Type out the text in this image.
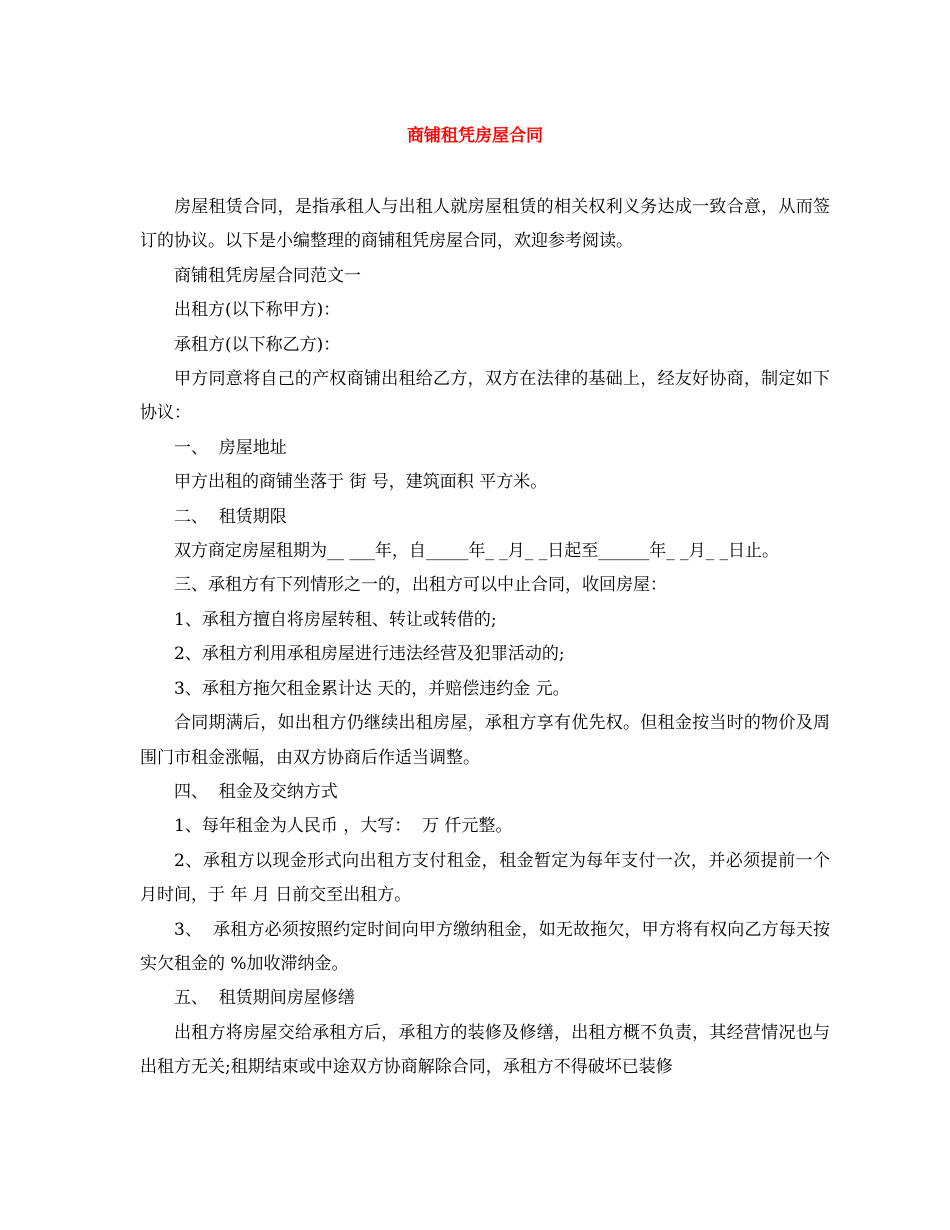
商铺租凭房屋合同

房屋租赁合同，是指承租人与出租人就房屋租赁的相关权利义务达成一致合意，从而签订的协议。以下是小编整理的商铺租凭房屋合同，欢迎参考阅读。

商铺租凭房屋合同范文一

出租方(以下称甲方)：

承租方(以下称乙方)：

甲方同意将自己的产权商铺出租给乙方，双方在法律的基础上，经友好协商，制定如下协议：

一、  房屋地址

甲方出租的商铺坐落于 街 号，建筑面积 平方米。

二、  租赁期限

双方商定房屋租期为__ ___年，自_____年_ _月_ _日起至______年_ _月_ _日止。

三、承租方有下列情形之一的，出租方可以中止合同，收回房屋：

1、承租方擅自将房屋转租、转让或转借的;

2、承租方利用承租房屋进行违法经营及犯罪活动的;

3、承租方拖欠租金累计达 天的，并赔偿违约金 元。

合同期满后，如出租方仍继续出租房屋，承租方享有优先权。但租金按当时的物价及周围门市租金涨幅，由双方协商后作适当调整。

四、  租金及交纳方式

1、每年租金为人民币 ，大写：  万 仟元整。

2、承租方以现金形式向出租方支付租金，租金暂定为每年支付一次，并必须提前一个月时间，于 年 月 日前交至出租方。

3、  承租方必须按照约定时间向甲方缴纳租金，如无故拖欠，甲方将有权向乙方每天按实欠租金的 %加收滞纳金。

五、  租赁期间房屋修缮

出租方将房屋交给承租方后，承租方的装修及修缮，出租方概不负责，其经营情况也与出租方无关;租期结束或中途双方协商解除合同，承租方不得破坏已装修
